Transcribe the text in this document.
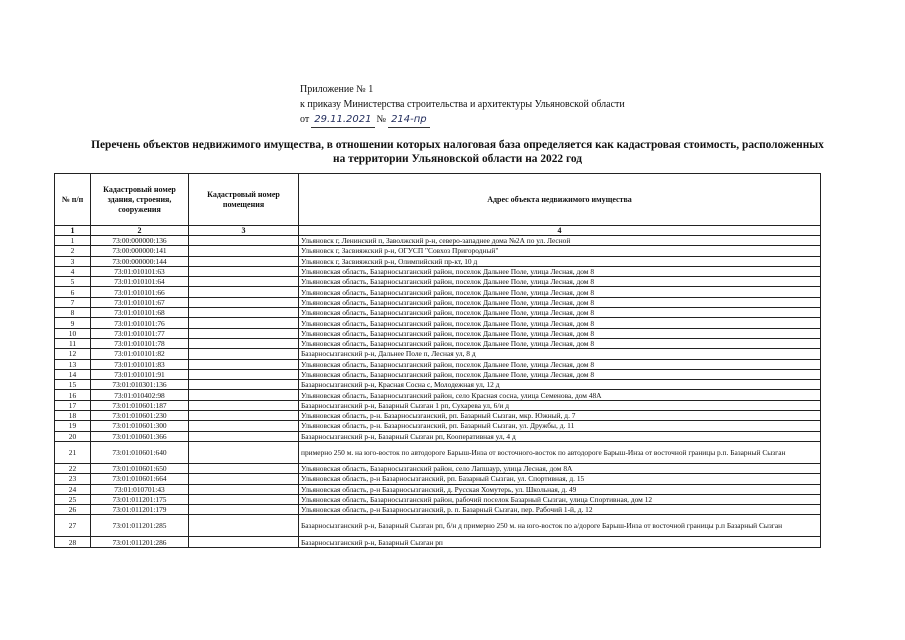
Приложение № 1
к приказу Министерства строительства и архитектуры Ульяновской области
от 29.11.2021 № 214-пр
Перечень объектов недвижимого имущества, в отношении которых налоговая база определяется как кадастровая стоимость, расположенных
на территории Ульяновской области на 2022 год
№ п/п	Кадастровый номер здания, строения, сооружения	Кадастровый номер помещения	Адрес объекта недвижимого имущества
1	2	3	4
1	73:00:000000:136		Ульяновск г, Ленинский п, Заволжский р-н, северо-западнее дома №2А по ул. Лесной
2	73:00:000000:141		Ульяновск г, Засвияжский р-н, ОГУСП "Совхоз Пригородный"
3	73:00:000000:144		Ульяновск г, Засвияжский р-н, Олимпийский пр-кт, 10 д
4	73:01:010101:63		Ульяновская область, Базарносызганский район, поселок Дальнее Поле, улица Лесная, дом 8
5	73:01:010101:64		Ульяновская область, Базарносызганский район, поселок Дальнее Поле, улица Лесная, дом 8
6	73:01:010101:66		Ульяновская область, Базарносызганский район, поселок Дальнее Поле, улица Лесная, дом 8
7	73:01:010101:67		Ульяновская область, Базарносызганский район, поселок Дальнее Поле, улица Лесная, дом 8
8	73:01:010101:68		Ульяновская область, Базарносызганский район, поселок Дальнее Поле, улица Лесная, дом 8
9	73:01:010101:76		Ульяновская область, Базарносызганский район, поселок Дальнее Поле, улица Лесная, дом 8
10	73:01:010101:77		Ульяновская область, Базарносызганский район, поселок Дальнее Поле, улица Лесная, дом 8
11	73:01:010101:78		Ульяновская область, Базарносызганский район, поселок Дальнее Поле, улица Лесная, дом 8
12	73:01:010101:82		Базарносызганский р-н, Дальнее Поле п, Лесная ул, 8 д
13	73:01:010101:83		Ульяновская область, Базарносызганский район, поселок Дальнее Поле, улица Лесная, дом 8
14	73:01:010101:91		Ульяновская область, Базарносызганский район, поселок Дальнее Поле, улица Лесная, дом 8
15	73:01:010301:136		Базарносызганский р-н, Красная Сосна с, Молодежная ул, 12 д
16	73:01:010402:98		Ульяновская область, Базарносызганский район, село Красная сосна, улица Семенова, дом 48А
17	73:01:010601:187		Базарносызганский р-н, Базарный Сызган 1 рп, Сухарева ул, 6/и д
18	73:01:010601:230		Ульяновская область, р-н. Базарносызганский, рп. Базарный Сызган, мкр. Южный, д. 7
19	73:01:010601:300		Ульяновская область, р-н. Базарносызганский, рп. Базарный Сызган, ул. Дружбы, д. 11
20	73:01:010601:366		Базарносызганский р-н, Базарный Сызган рп, Кооперативная ул, 4 д
21	73:01:010601:640		примерно 250 м. на юго-восток по автодороге Барыш-Инза от восточного-восток по автодороге Барыш-Инза от восточной границы р.п. Базарный Сызган
22	73:01:010601:650		Ульяновская область, Базарносызганский район, село Лапшаур, улица Лесная, дом 8А
23	73:01:010601:664		Ульяновская область, р-н Базарносызганский, рп. Базарный Сызган, ул. Спортивная, д. 15
24	73:01:010701:43		Ульяновская область, р-н Базарносызганский, д. Русская Хомутерь, ул. Школьная, д. 49
25	73:01:011201:175		Ульяновская область, Базарносызганский район, рабочий поселок Базарный Сызган, улица Спортивная, дом 12
26	73:01:011201:179		Ульяновская область, р-н Базарносызганский, р. п. Базарный Сызган, пер. Рабочий 1-й, д. 12
27	73:01:011201:285		Базарносызганский р-н, Базарный Сызган рп, б/н д примерно 250 м. на юго-восток по а/дороге Барыш-Инза от восточной границы р.п Базарный Сызган
28	73:01:011201:286		Базарносызганский р-н, Базарный Сызган рп
